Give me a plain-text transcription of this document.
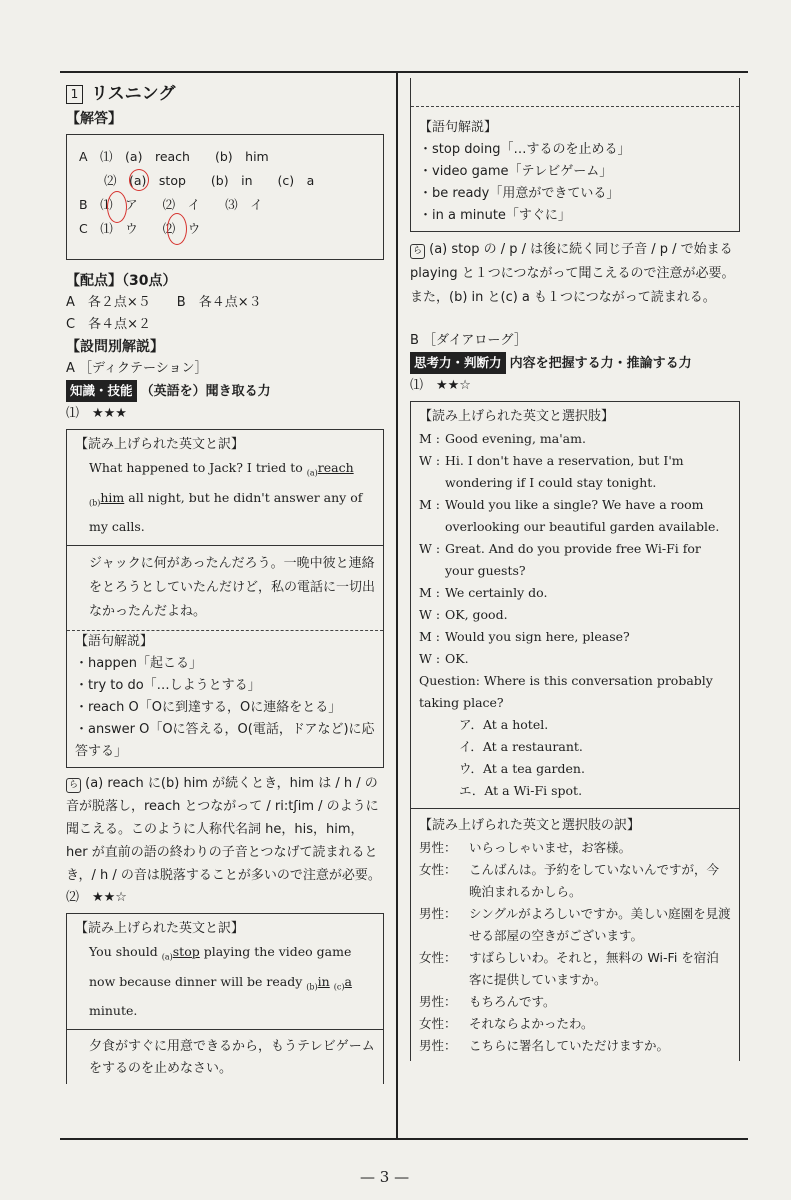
1 リスニング
【解答】
A　⑴　(a)　reach　　(b)　him
　　⑵　(a)　stop　　(b)　in　　(c)　a
B　⑴　ア　　⑵　イ　　⑶　イ
C　⑴　ウ　　⑵　ウ
【配点】（30点）
A　各２点×５　　B　各４点×３
C　各４点×２
【設問別解説】
A ［ディクテーション］
知識・技能 （英語を）聞き取る力
⑴　★★★
【読み上げられた英文と訳】
What happened to Jack? I tried to $_{(a)}$reach $_{(b)}$him all night, but he didn't answer any of my calls.
ジャックに何があったんだろう。一晩中彼と連絡をとろうとしていたんだけど，私の電話に一切出なかったんだよね。
【語句解説】
・happen「起こる」
・try to do「…しようとする」
・reach O「Oに到達する，Oに連絡をとる」
・answer O「Oに答える，O(電話，ドアなど)に応答する」
ら (a) reach に(b) him が続くとき，him は / h / の音が脱落し，reach とつながって / ri:tʃim / のように聞こえる。このように人称代名詞 he，his，him，her が直前の語の終わりの子音とつなげて読まれるとき，/ h / の音は脱落することが多いので注意が必要。
⑵　★★☆
【読み上げられた英文と訳】
You should $_{(a)}$stop playing the video game now because dinner will be ready $_{(b)}$in $_{(c)}$a minute.
夕食がすぐに用意できるから，もうテレビゲームをするのを止めなさい。
【語句解説】
・stop doing「…するのを止める」
・video game「テレビゲーム」
・be ready「用意ができている」
・in a minute「すぐに」
ら (a) stop の / p / は後に続く同じ子音 / p / で始まる playing と１つにつながって聞こえるので注意が必要。また，(b) in と(c) a も１つにつながって読まれる。
B ［ダイアローグ］
思考力・判断力 内容を把握する力・推論する力
⑴　★★☆
【読み上げられた英文と選択肢】
M : Good evening, ma'am.
W : Hi. I don't have a reservation, but I'm wondering if I could stay tonight.
M : Would you like a single? We have a room overlooking our beautiful garden available.
W : Great. And do you provide free Wi-Fi for your guests?
M : We certainly do.
W : OK, good.
M : Would you sign here, please?
W : OK.
Question: Where is this conversation probably taking place?
ア．At a hotel.
イ．At a restaurant.
ウ．At a tea garden.
エ．At a Wi-Fi spot.
【読み上げられた英文と選択肢の訳】
男性： いらっしゃいませ，お客様。
女性： こんばんは。予約をしていないんですが，今晩泊まれるかしら。
男性： シングルがよろしいですか。美しい庭園を見渡せる部屋の空きがございます。
女性： すばらしいわ。それと，無料の Wi-Fi を宿泊客に提供していますか。
男性： もちろんです。
女性： それならよかったわ。
男性： こちらに署名していただけますか。
— 3 —
